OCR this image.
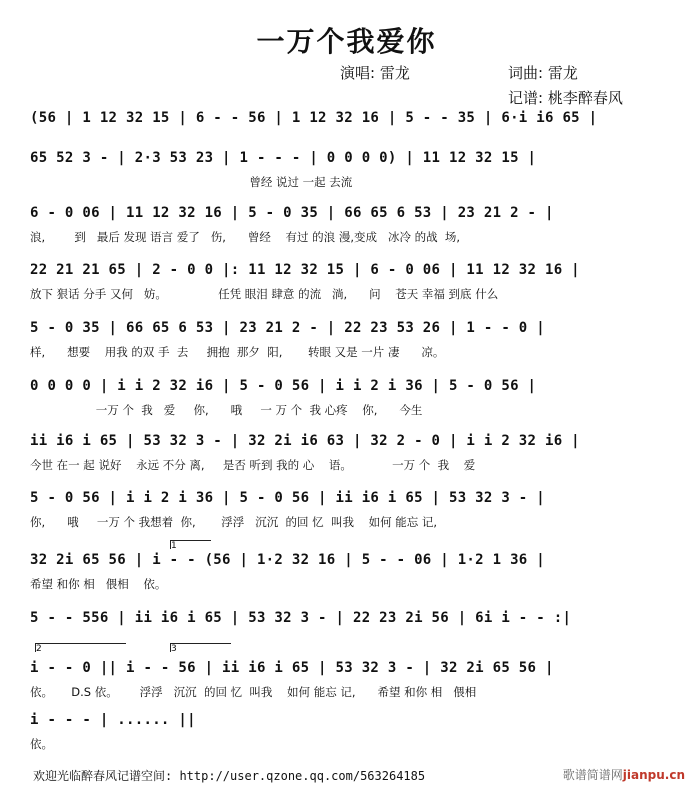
一万个我爱你
演唱: 雷龙	词曲: 雷龙
记谱: 桃李醉春风
(56 | 1 12 32 15 | 6 - - 56 | 1 12 32 16 | 5 - - 35 | 6·i i6 65 |
65 52 3 - | 2·3 53 23 | 1 - - - | 0 0 0 0) | 11 12 32 15 |
曾经 说过 一起 去流
6 - 0 06 | 11 12 32 16 | 5 - 0 35 | 66 65 6 53 | 23 21 2 - |
浪,        到   最后 发现 语言 爱了   伤,      曾经    有过 的浪 漫,变成   冰冷 的战  场,
22 21 21 65 | 2 - 0 0 |: 11 12 32 15 | 6 - 0 06 | 11 12 32 16 |
放下 狠话 分手 又何   妨。              任凭 眼泪 肆意 的流   淌,      问    苍天 幸福 到底 什么
5 - 0 35 | 66 65 6 53 | 23 21 2 - | 22 23 53 26 | 1 - - 0 |
样,      想要    用我 的双 手  去     拥抱  那夕  阳,       转眼 又是 一片 凄      凉。
0 0 0 0 | i i 2 32 i6 | 5 - 0 56 | i i 2 i 36 | 5 - 0 56 |
一万 个  我   爱     你,      哦     一 万 个  我 心疼    你,      今生
ii i6 i 65 | 53 32 3 - | 32 2i i6 63 | 32 2 - 0 | i i 2 32 i6 |
今世 在一 起 说好    永远 不分 离,     是否 听到 我的 心    语。           一万 个  我    爱
5 - 0 56 | i i 2 i 36 | 5 - 0 56 | ii i6 i 65 | 53 32 3 - |
你,      哦     一万 个 我想着  你,       浮浮   沉沉  的回 忆  叫我    如何 能忘 记,
32 2i 65 56 | i - - (56 | 1·2 32 16 | 5 - - 06 | 1·2 1 36 |
希望 和你 相   偎相    依。
5 - - 556 | ii i6 i 65 | 53 32 3 - | 22 23 2i 56 | 6i i - - :|
i - - 0 || i - - 56 | ii i6 i 65 | 53 32 3 - | 32 2i 65 56 |
依。     D.S 依。      浮浮   沉沉  的回 忆  叫我    如何 能忘 记,      希望 和你 相   偎相
i - - - | ...... ||
依。
1
2	3
欢迎光临醉春风记谱空间: http://user.qzone.qq.com/563264185	歌谱简谱网jianpu.cn
